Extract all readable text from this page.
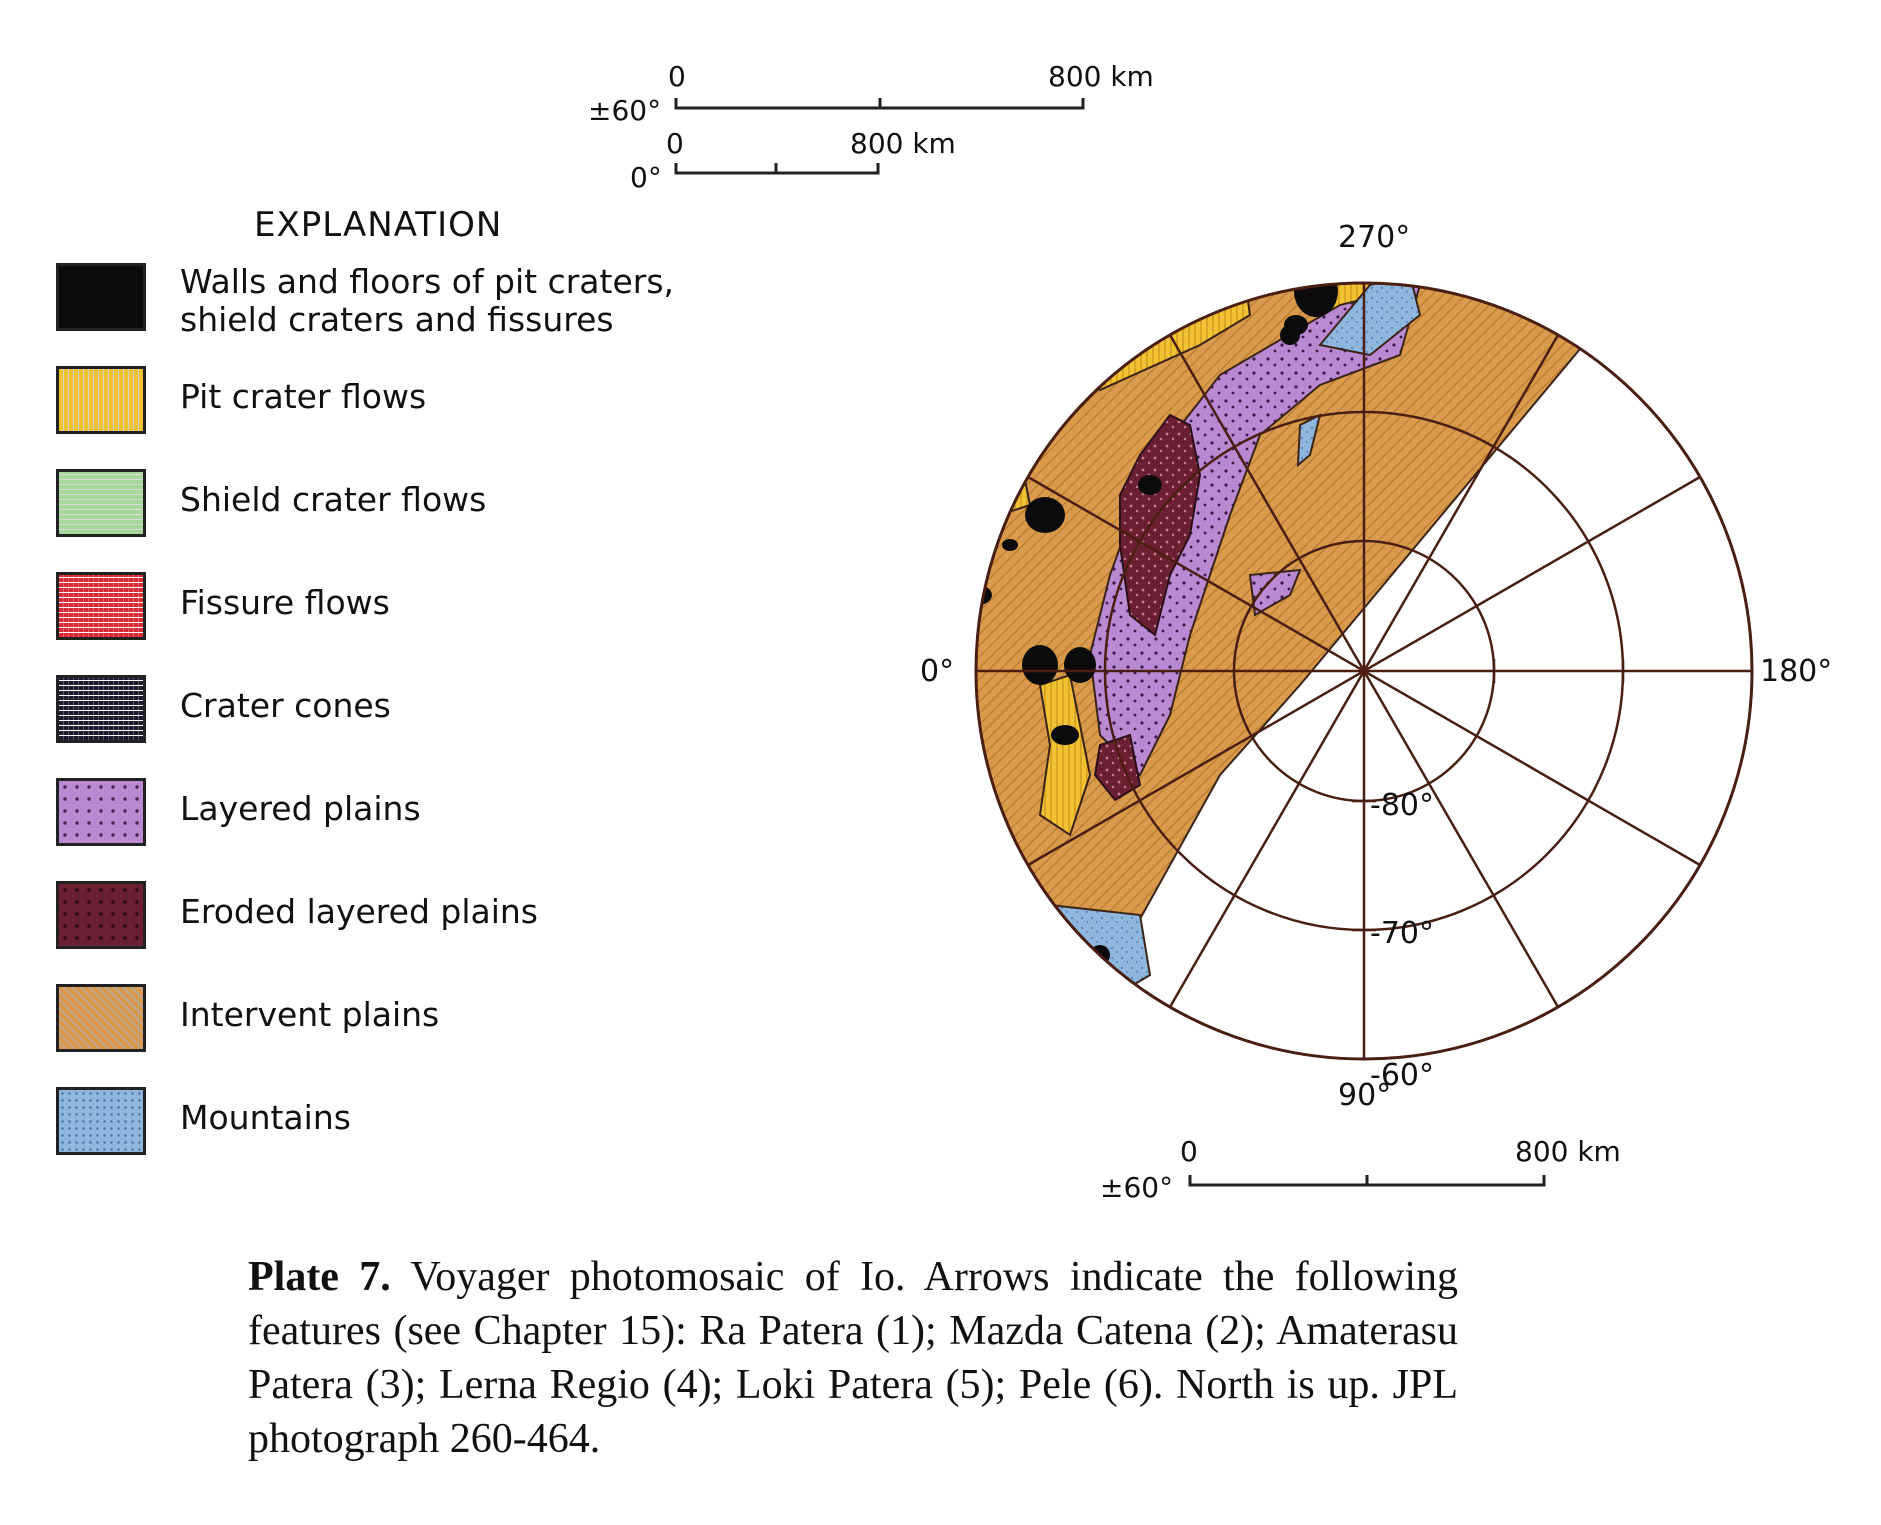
±60°
0	800 km
0°
0	800 km
±60°
0	800 km
EXPLANATION
Walls and floors of pit craters,
shield craters and fissures
Pit crater flows
Shield crater flows
Fissure flows
Crater cones
Layered plains
Eroded layered plains
Intervent plains
Mountains
270°
0°	180°
90°
-80°
-70°
-60°
Plate 7. Voyager photomosaic of Io. Arrows indicate the following features (see Chapter 15): Ra Patera (1); Mazda Catena (2); Amaterasu Patera (3); Lerna Regio (4); Loki Patera (5); Pele (6). North is up. JPL photograph 260-464.
